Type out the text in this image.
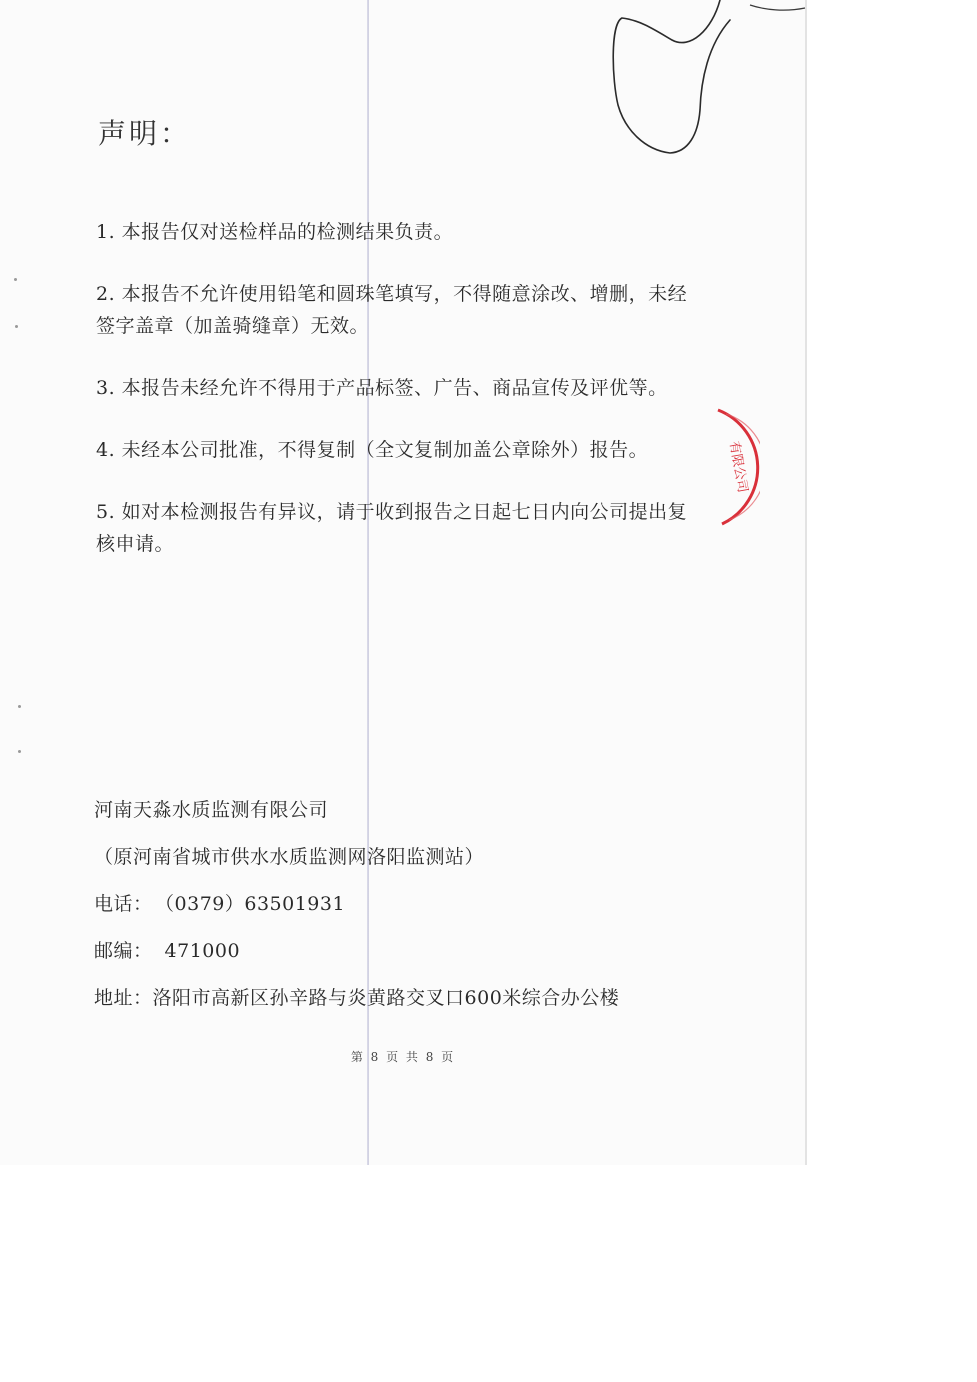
有限公司
声明：
1. 本报告仅对送检样品的检测结果负责。
2. 本报告不允许使用铅笔和圆珠笔填写，不得随意涂改、增删，未经签字盖章（加盖骑缝章）无效。
3. 本报告未经允许不得用于产品标签、广告、商品宣传及评优等。
4. 未经本公司批准，不得复制（全文复制加盖公章除外）报告。
5. 如对本检测报告有异议，请于收到报告之日起七日内向公司提出复核申请。
河南天淼水质监测有限公司
（原河南省城市供水水质监测网洛阳监测站）
电话： （0379）63501931
邮编： 471000
地址：洛阳市高新区孙辛路与炎黄路交叉口600米综合办公楼
第 8 页 共 8 页
